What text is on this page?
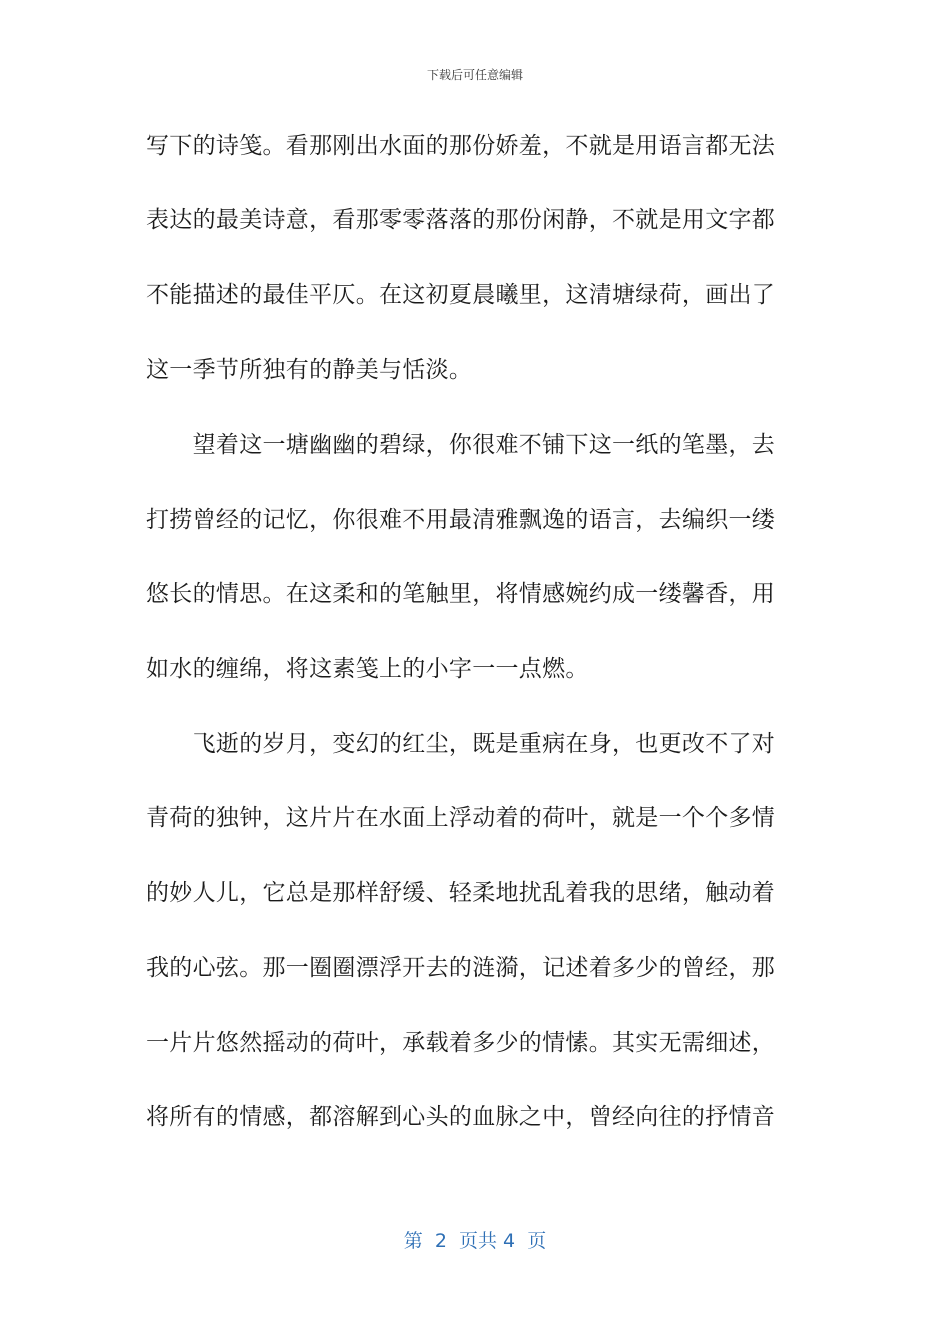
下载后可任意编辑
写下的诗笺。看那刚出水面的那份娇羞，不就是用语言都无法
表达的最美诗意，看那零零落落的那份闲静，不就是用文字都
不能描述的最佳平仄。在这初夏晨曦里，这清塘绿荷，画出了
这一季节所独有的静美与恬淡。
　　望着这一塘幽幽的碧绿，你很难不铺下这一纸的笔墨，去
打捞曾经的记忆，你很难不用最清雅飘逸的语言，去编织一缕
悠长的情思。在这柔和的笔触里，将情感婉约成一缕馨香，用
如水的缠绵，将这素笺上的小字一一点燃。
　　飞逝的岁月，变幻的红尘，既是重病在身，也更改不了对
青荷的独钟，这片片在水面上浮动着的荷叶，就是一个个多情
的妙人儿，它总是那样舒缓、轻柔地扰乱着我的思绪，触动着
我的心弦。那一圈圈漂浮开去的涟漪，记述着多少的曾经，那
一片片悠然摇动的荷叶，承载着多少的情愫。其实无需细述，
将所有的情感，都溶解到心头的血脉之中，曾经向往的抒情音
第  2  页共 4  页
